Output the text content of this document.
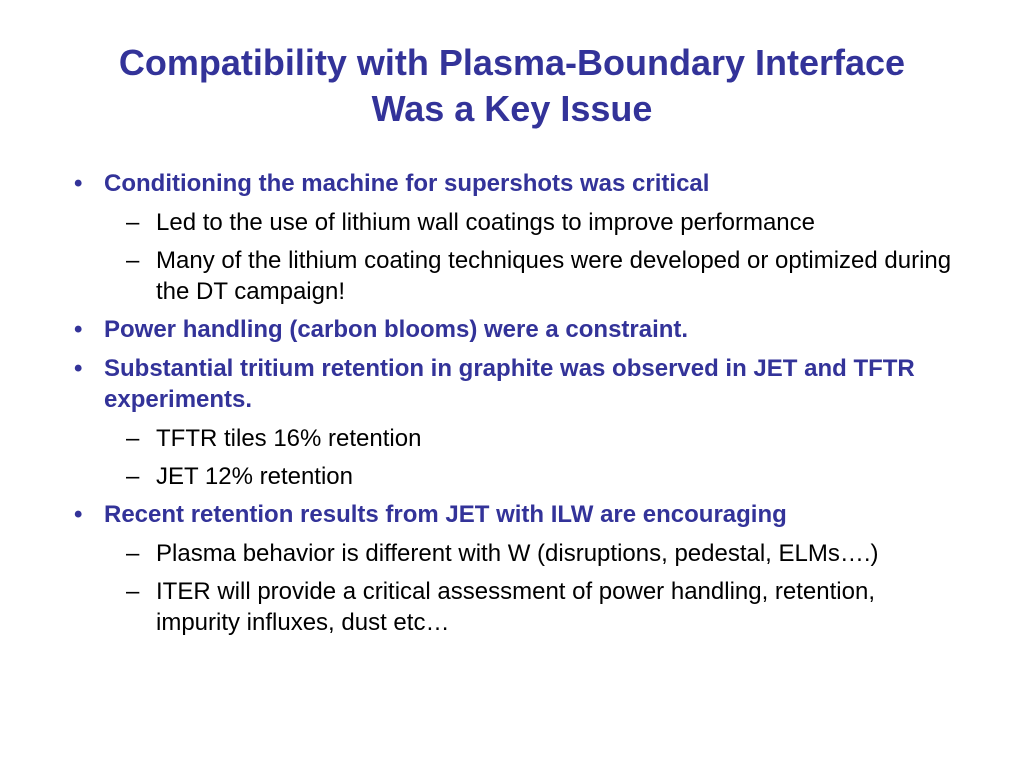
Compatibility with Plasma-Boundary Interface
Was a Key Issue
• Conditioning the machine for supershots was critical
– Led to the use of lithium wall coatings to improve performance
– Many of the lithium coating techniques were developed or optimized during the DT campaign!
• Power handling (carbon blooms) were a constraint.
• Substantial tritium retention in graphite was observed in JET and TFTR experiments.
– TFTR tiles 16% retention
– JET 12% retention
• Recent retention results from JET with ILW are encouraging
– Plasma behavior is different with W (disruptions, pedestal, ELMs….)
– ITER will provide a critical assessment of power handling, retention, impurity influxes, dust etc…
